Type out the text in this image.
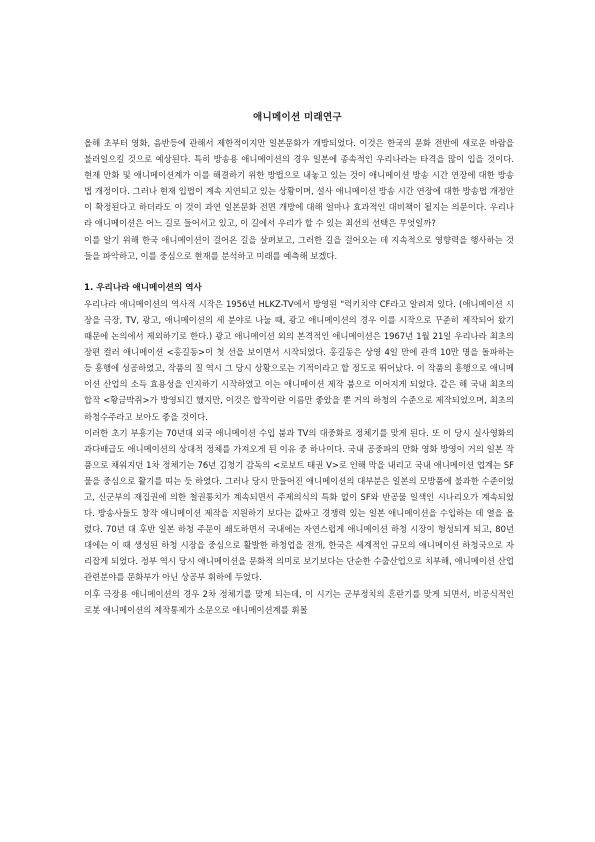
애니메이션 미래연구

올해 초부터 영화, 음반등에 관해서 제한적이지만 일본문화가 개방되었다. 이것은 한국의 문화 전반에 새로운 바람을 불러일으킬 것으로 예상된다. 특히 방송용 애니메이션의 경우 일본에 종속적인 우리나라는 타격을 많이 입을 것이다. 현재 만화 및 애니메이션계가 이를 해결하기 위한 방법으로 내놓고 있는 것이 애니메이션 방송 시간 연장에 대한 방송법 개정이다. 그러나 현재 입법이 계속 지연되고 있는 상황이며, 설사 애니메이션 방송 시간 연장에 대한 방송법 개정안이 확정된다고 하더라도 이 것이 과연 일본문화 전면 개방에 대해 얼마나 효과적인 대비책이 될지는 의문이다. 우리나라 애니메이션은 어느 길로 들어서고 있고, 이 길에서 우리가 할 수 있는 최선의 선택은 무엇일까?

이를 알기 위해 한국 애니메이션이 걸어온 길을 살펴보고, 그러한 길을 걸어오는 데 지속적으로 영향력을 행사하는 것들을 파악하고, 이를 중심으로 현재를 분석하고 미래를 예측해 보겠다.

1. 우리나라 애니메이션의 역사

우리나라 애니메이션의 역사적 시작은 1956년 HLKZ-TV에서 방영된 "럭키치약 CF라고 알려져 있다. (애니메이션 시장을 극장, TV, 광고, 애니메이션의 세 분야로 나눌 때, 광고 애니메이션의 경우 이를 시작으로 꾸준히 제작되어 왔기 때문에 논의에서 제외하기로 한다.) 광고 애니메이션 외의 본격적인 애니메이션은 1967년 1월 21일 우리나라 최초의 장편 컬러 애니메이션 <홍길동>이 첫 선을 보이면서 시작되었다. 홍길동은 상영 4일 만에 관객 10만 명을 돌파하는 등 흥행에 성공하였고, 작품의 질 역시 그 당시 상황으로는 기적이라고 할 정도로 뛰어났다. 이 작품의 흥행으로 애니메이션 산업의 소득 효용성을 인지하기 시작하였고 이는 애니메이션 제작 붐으로 이어지게 되었다. 같은 해 국내 최초의 합작 <황금박쥐>가 방영되긴 했지만, 이것은 합작이란 이름만 좋았을 뿐 거의 하청의 수준으로 제작되었으며, 최초의 하청수주라고 보아도 좋을 것이다.

이러한 초기 부흥기는 70년대 외국 애니메이션 수입 붐과 TV의 대중화로 정체기를 맞게 된다. 또 이 당시 실사영화의 과다배급도 애니메이션의 상대적 정체를 가져오게 된 이유 중 하나이다. 국내 공중파의 만화 영화 방영이 거의 일본 작품으로 채워지던 1차 정체기는 76년 김청기 감독의 <로보트 태권 V>로 인해 막을 내리고 국내 애니메이션 업계는 SF물을 중심으로 활기를 띠는 듯 하였다. 그러나 당시 만들어진 애니메이션의 대부분은 일본의 모방품에 불과한 수준이었고, 신군부의 재집권에 의한 철권통치가 계속되면서 주제의식의 특화 없이 SF와 반공물 일색인 시나리오가 계속되었다. 방송사들도 창작 애니메이션 제작을 지원하기 보다는 값싸고 경쟁력 있는 일본 애니메이션을 수입하는 데 열을 올렸다. 70년 대 후반 일본 하청 주문이 쇄도하면서 국내에는 자연스럽게 애니메이션 하청 시장이 형성되게 되고, 80년대에는 이 때 생성된 하청 시장을 중심으로 활발한 하청업을 전개, 한국은 세계적인 규모의 애니메이션 하청국으로 자리잡게 되었다. 정부 역시 당시 애니메이션을 문화적 의미로 보기보다는 단순한 수출산업으로 치부해, 애니메이션 산업 관련분야를 문화부가 아닌 상공부 휘하에 두었다.

이후 극장용 애니메이션의 경우 2차 정체기를 맞게 되는데, 이 시기는 군부정치의 혼란기를 맞게 되면서, 비공식적인 로봇 애니메이션의 제작통제가 소문으로 애니메이션계를 휘몰
